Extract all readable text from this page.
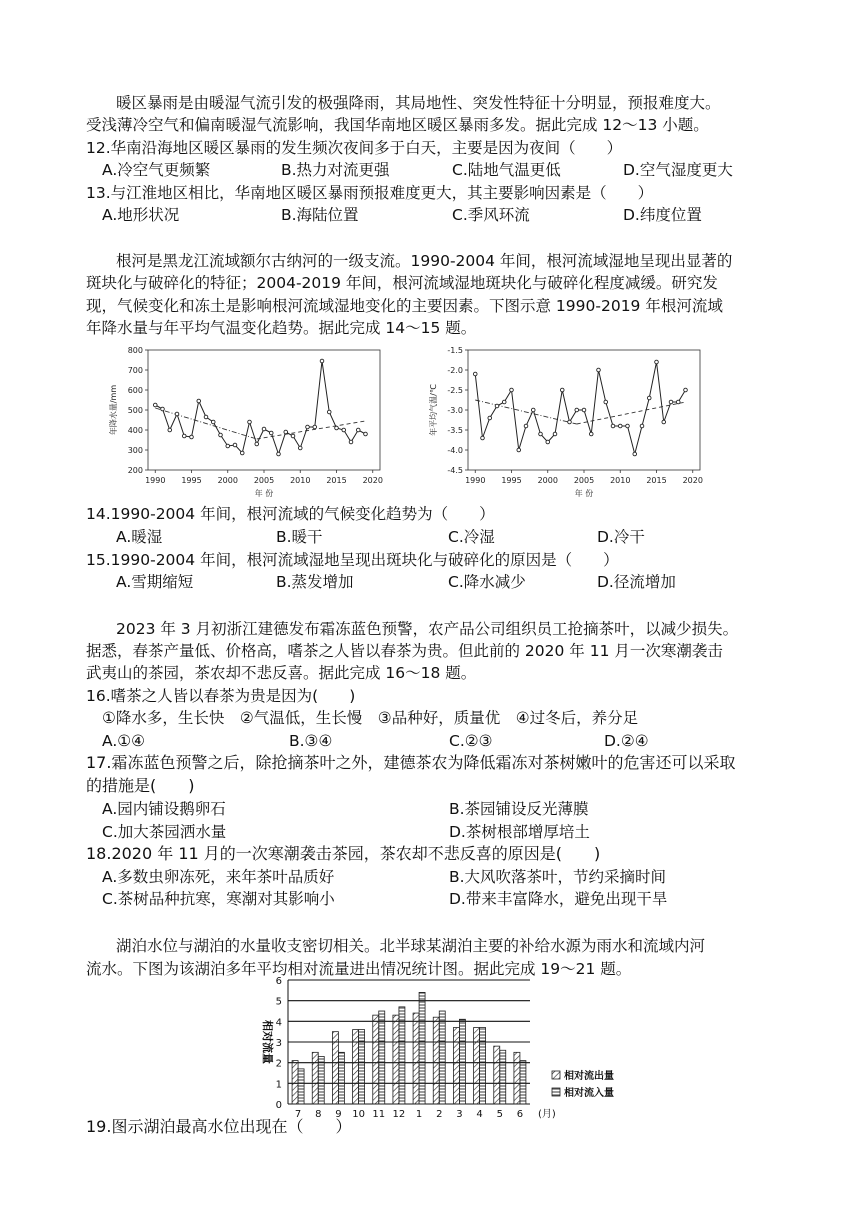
暖区暴雨是由暖湿气流引发的极强降雨，其局地性、突发性特征十分明显，预报难度大。
受浅薄冷空气和偏南暖湿气流影响，我国华南地区暖区暴雨多发。据此完成 12～13 小题。
12.华南沿海地区暖区暴雨的发生频次夜间多于白天，主要是因为夜间（　　）
A.冷空气更频繁	B.热力对流更强	C.陆地气温更低	D.空气湿度更大
13.与江淮地区相比，华南地区暖区暴雨预报难度更大，其主要影响因素是（　　）
A.地形状况	B.海陆位置	C.季风环流	D.纬度位置
根河是黑龙江流域额尔古纳河的一级支流。1990-2004 年间，根河流域湿地呈现出显著的
斑块化与破碎化的特征；2004-2019 年间，根河流域湿地斑块化与破碎化程度减缓。研究发
现，气候变化和冻土是影响根河流域湿地变化的主要因素。下图示意 1990-2019 年根河流域
年降水量与年平均气温变化趋势。据此完成 14～15 题。
800
700
600
500
400
300
200
1990 1995 2000 2005 2010 2015 2020
年 份
年降水量/mm
-1.5
-2.0
-2.5
-3.0
-3.5
-4.0
-4.5
1990 1995 2000 2005 2010 2015 2020
年 份
年平均气温/℃
14.1990-2004 年间，根河流域的气候变化趋势为（　　）
A.暖湿	B.暖干	C.冷湿	D.冷干
15.1990-2004 年间，根河流域湿地呈现出斑块化与破碎化的原因是（　　）
A.雪期缩短	B.蒸发增加	C.降水减少	D.径流增加
2023 年 3 月初浙江建德发布霜冻蓝色预警，农产品公司组织员工抢摘茶叶，以减少损失。
据悉，春茶产量低、价格高，嗜茶之人皆以春茶为贵。但此前的 2020 年 11 月一次寒潮袭击
武夷山的茶园，茶农却不悲反喜。据此完成 16～18 题。
16.嗜茶之人皆以春茶为贵是因为(　　)
①降水多，生长快　②气温低，生长慢　③品种好，质量优　④过冬后，养分足
A.①④	B.③④	C.②③	D.②④
17.霜冻蓝色预警之后，除抢摘茶叶之外，建德茶农为降低霜冻对茶树嫩叶的危害还可以采取
的措施是(　　)
A.园内铺设鹅卵石	B.茶园铺设反光薄膜
C.加大茶园洒水量	D.茶树根部增厚培土
18.2020 年 11 月的一次寒潮袭击茶园，茶农却不悲反喜的原因是(　　)
A.多数虫卵冻死，来年茶叶品质好	B.大风吹落茶叶，节约采摘时间
C.茶树品种抗寒，寒潮对其影响小	D.带来丰富降水，避免出现干旱
湖泊水位与湖泊的水量收支密切相关。北半球某湖泊主要的补给水源为雨水和流域内河
流水。下图为该湖泊多年平均相对流量进出情况统计图。据此完成 19～21 题。
6
5
4
3
2
1
0
相对流量
7 8 9 10 11 12 1 2 3 4 5 6 (月)
相对流出量
相对流入量
19.图示湖泊最高水位出现在（　　）
